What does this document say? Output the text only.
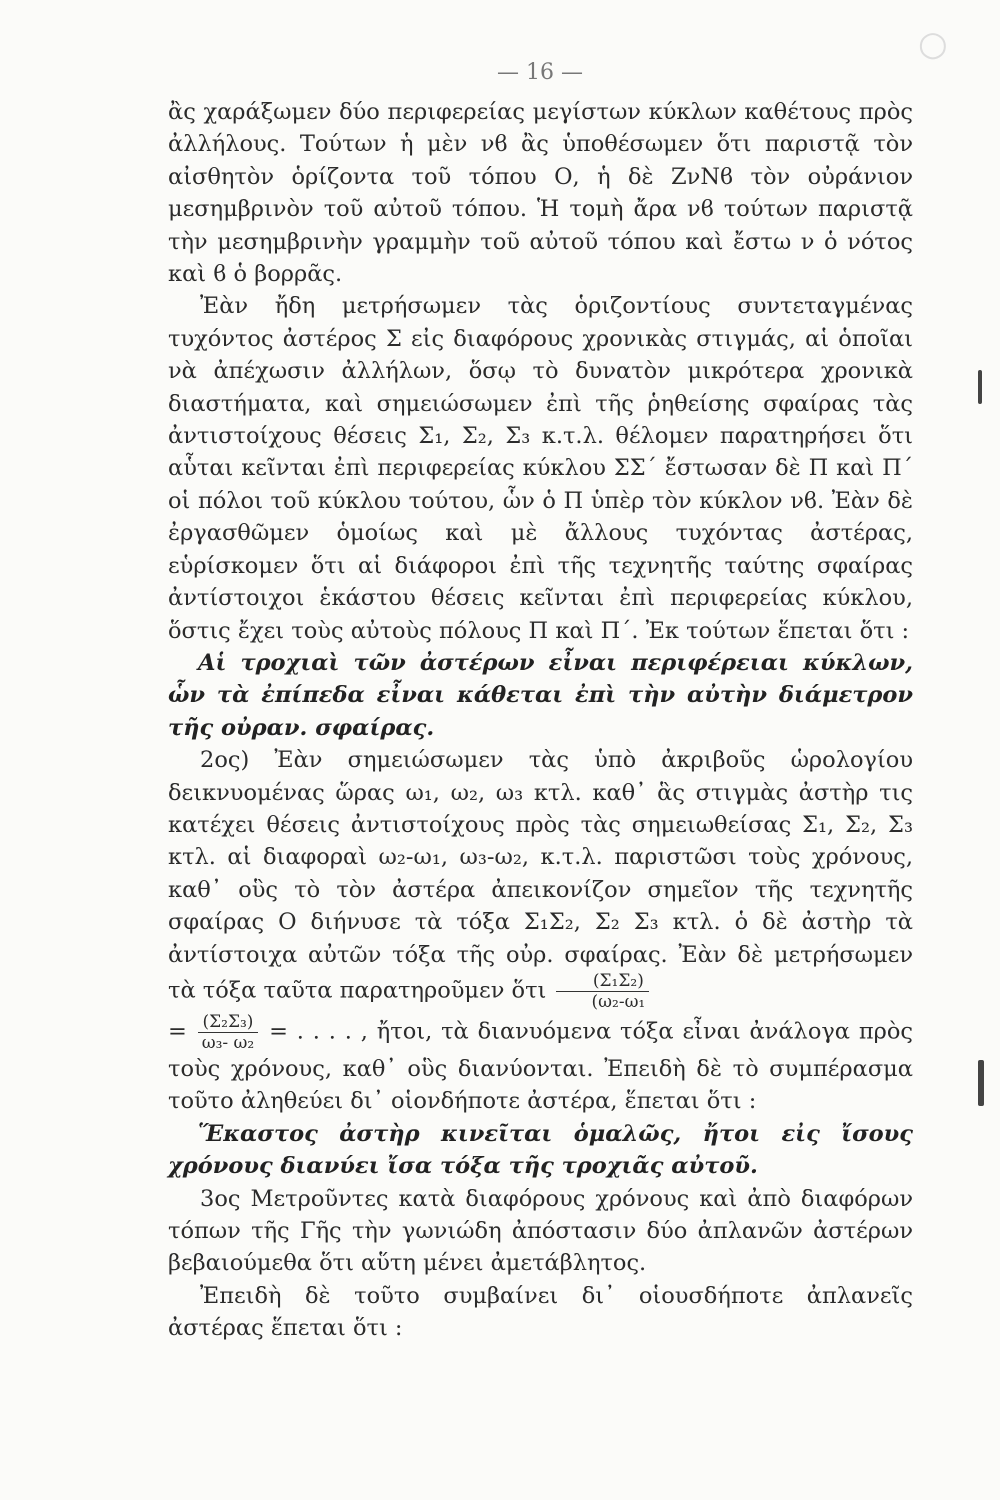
○
— 16 —

ἂς χαράξωμεν δύο περιφερείας μεγίστων κύκλων καθέτους πρὸς ἀλλήλους. Τούτων ἡ μὲν νϐ ἂς ὑποθέσωμεν ὅτι παριστᾷ τὸν αἰσθητὸν ὁρίζοντα τοῦ τόπου Ο, ἡ δὲ ΖνΝϐ τὸν οὐράνιον μεσημβρινὸν τοῦ αὐτοῦ τόπου. Ἡ τομὴ ἄρα νϐ τούτων παριστᾷ τὴν μεσημβρινὴν γραμμὴν τοῦ αὐτοῦ τόπου καὶ ἔστω ν ὁ νότος καὶ ϐ ὁ βορρᾶς.

Ἐὰν ἤδη μετρήσωμεν τὰς ὁριζοντίους συντεταγμένας τυχόντος ἀστέρος Σ εἰς διαφόρους χρονικὰς στιγμάς, αἱ ὁποῖαι νὰ ἀπέχωσιν ἀλλήλων, ὅσῳ τὸ δυνατὸν μικρότερα χρονικὰ διαστήματα, καὶ σημειώσωμεν ἐπὶ τῆς ῥηθείσης σφαίρας τὰς ἀντιστοίχους θέσεις Σ₁, Σ₂, Σ₃ κ.τ.λ. θέλομεν παρατηρήσει ὅτι αὗται κεῖνται ἐπὶ περιφερείας κύκλου ΣΣ΄ ἔστωσαν δὲ Π καὶ Π΄ οἱ πόλοι τοῦ κύκλου τούτου, ὧν ὁ Π ὑπὲρ τὸν κύκλον νϐ. Ἐὰν δὲ ἐργασθῶμεν ὁμοίως καὶ μὲ ἄλλους τυχόντας ἀστέρας, εὑρίσκομεν ὅτι αἱ διάφοροι ἐπὶ τῆς τεχνητῆς ταύτης σφαίρας ἀντίστοιχοι ἑκάστου θέσεις κεῖνται ἐπὶ περιφερείας κύκλου, ὅστις ἔχει τοὺς αὐτοὺς πόλους Π καὶ Π΄. Ἐκ τούτων ἕπεται ὅτι :

Αἱ τροχιαὶ τῶν ἀστέρων εἶναι περιφέρειαι κύκλων, ὧν τὰ ἐπίπεδα εἶναι κάθεται ἐπὶ τὴν αὐτὴν διάμετρον τῆς οὐραν. σφαίρας.

2ος) Ἐὰν σημειώσωμεν τὰς ὑπὸ ἀκριβοῦς ὡρολογίου δεικνυομένας ὥρας ω₁, ω₂, ω₃ κτλ. καθ᾿ ἃς στιγμὰς ἀστὴρ τις κατέχει θέσεις ἀντιστοίχους πρὸς τὰς σημειωθείσας Σ₁, Σ₂, Σ₃ κτλ. αἱ διαφοραὶ ω₂-ω₁, ω₃-ω₂, κ.τ.λ. παριστῶσι τοὺς χρόνους, καθ᾿ οὓς τὸ τὸν ἀστέρα ἀπεικονίζον σημεῖον τῆς τεχνητῆς σφαίρας Ο διήνυσε τὰ τόξα Σ₁Σ₂, Σ₂ Σ₃ κτλ. ὁ δὲ ἀστὴρ τὰ ἀντίστοιχα αὐτῶν τόξα τῆς οὐρ. σφαίρας. Ἐὰν δὲ μετρήσωμεν τὰ τόξα ταῦτα παρατηροῦμεν ὅτι $\frac{\text{(Σ₁Σ₂)}}{\text{(ω₂-ω₁}}$

= $\frac{\text{(Σ₂Σ₃)}}{\text{ω₃- ω₂}}$ = . . . . , ἤτοι, τὰ διανυόμενα τόξα εἶναι ἀνάλογα πρὸς τοὺς χρόνους, καθ᾿ οὓς διανύονται. Ἐπειδὴ δὲ τὸ συμπέρασμα τοῦτο ἀληθεύει δι᾿ οἱονδήποτε ἀστέρα, ἕπεται ὅτι :

Ἕκαστος ἀστὴρ κινεῖται ὁμαλῶς, ἤτοι εἰς ἴσους χρόνους διανύει ἴσα τόξα τῆς τροχιᾶς αὐτοῦ.

3ος Μετροῦντες κατὰ διαφόρους χρόνους καὶ ἀπὸ διαφόρων τόπων τῆς Γῆς τὴν γωνιώδη ἀπόστασιν δύο ἀπλανῶν ἀστέρων βεβαιούμεθα ὅτι αὕτη μένει ἀμετάβλητος.

Ἐπειδὴ δὲ τοῦτο συμβαίνει δι᾿ οἱουσδήποτε ἀπλανεῖς ἀστέρας ἕπεται ὅτι :
